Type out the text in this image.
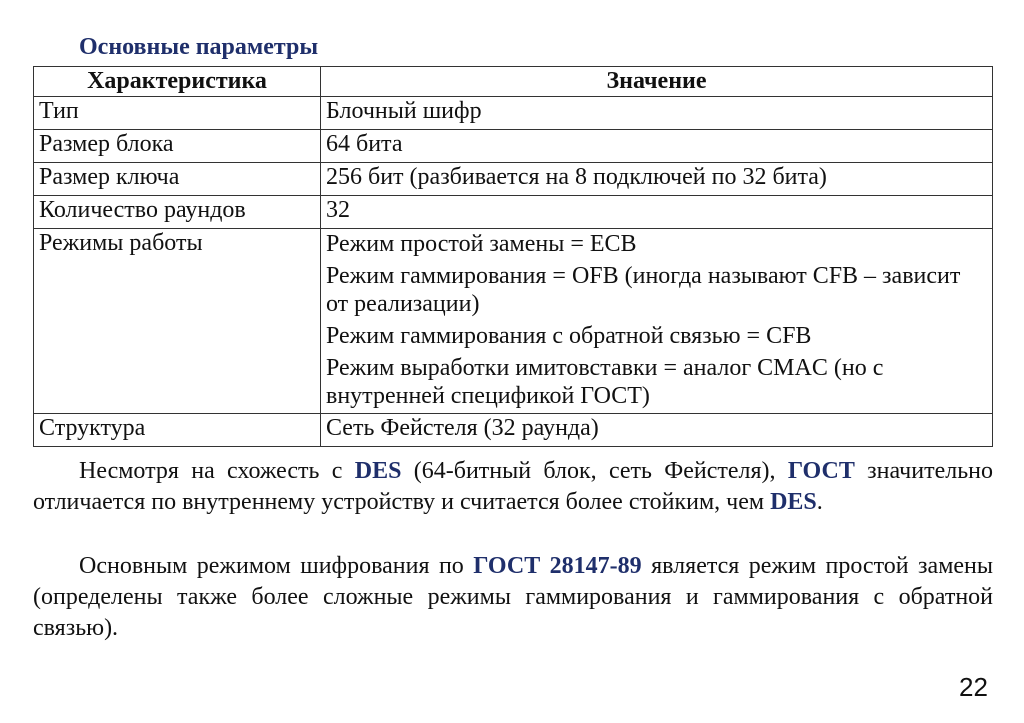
Основные параметры
Характеристика	Значение
Тип	Блочный шифр
Размер блока	64 бита
Размер ключа	256 бит (разбивается на 8 подключей по 32 бита)
Количество раундов	32
Режимы работы	Режим простой замены = ECB
Режим гаммирования = OFB (иногда называют CFB – зависит от реализации)
Режим гаммирования с обратной связью = CFB
Режим выработки имитовставки = аналог CMAC (но с внутренней спецификой ГОСТ)

Структура	Сеть Фейстеля (32 раунда)

Несмотря на схожесть с DES (64-битный блок, сеть Фейстеля), ГОСТ значительно отличается по внутреннему устройству и считается более стойким, чем DES.

Основным режимом шифрования по ГОСТ 28147-89 является режим простой замены (определены также более сложные режимы гаммирования и гаммирования с обратной связью).

22
